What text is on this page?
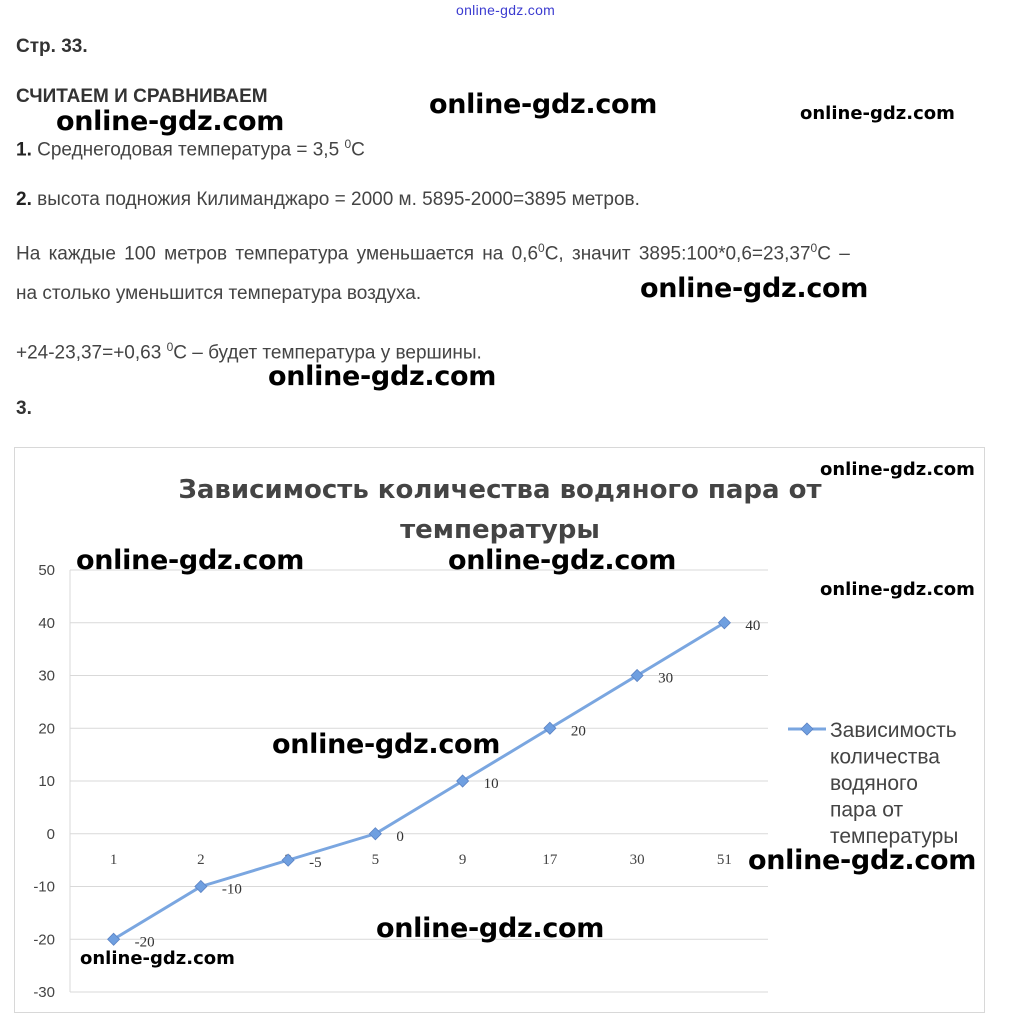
online-gdz.com
Стр. 33.
СЧИТАЕМ И СРАВНИВАЕМ
1. Среднегодовая температура = 3,5 $^0$С
2. высота подножия Килиманджаро = 2000 м. 5895-2000=3895 метров.
На каждые 100 метров температура уменьшается на $0,6^0С$, значит $3895:100*0,6=23,37^0С$ –
на столько уменьшится температура воздуха.
+24-23,37=+0,63 $^0$С – будет температура у вершины.
3.
Зависимость количества водяного пара от
температуры
50
40
30
20
10
0
-10
-20
-30
1	2	5	9	17	30	51
-20
-10
-5
0
10
20
30
40
Зависимость
количества
водяного
пара от
температуры
online-gdz.com
online-gdz.com	online-gdz.com
online-gdz.com
online-gdz.com
online-gdz.com
online-gdz.com	online-gdz.com
online-gdz.com
online-gdz.com
online-gdz.com
online-gdz.com
online-gdz.com
